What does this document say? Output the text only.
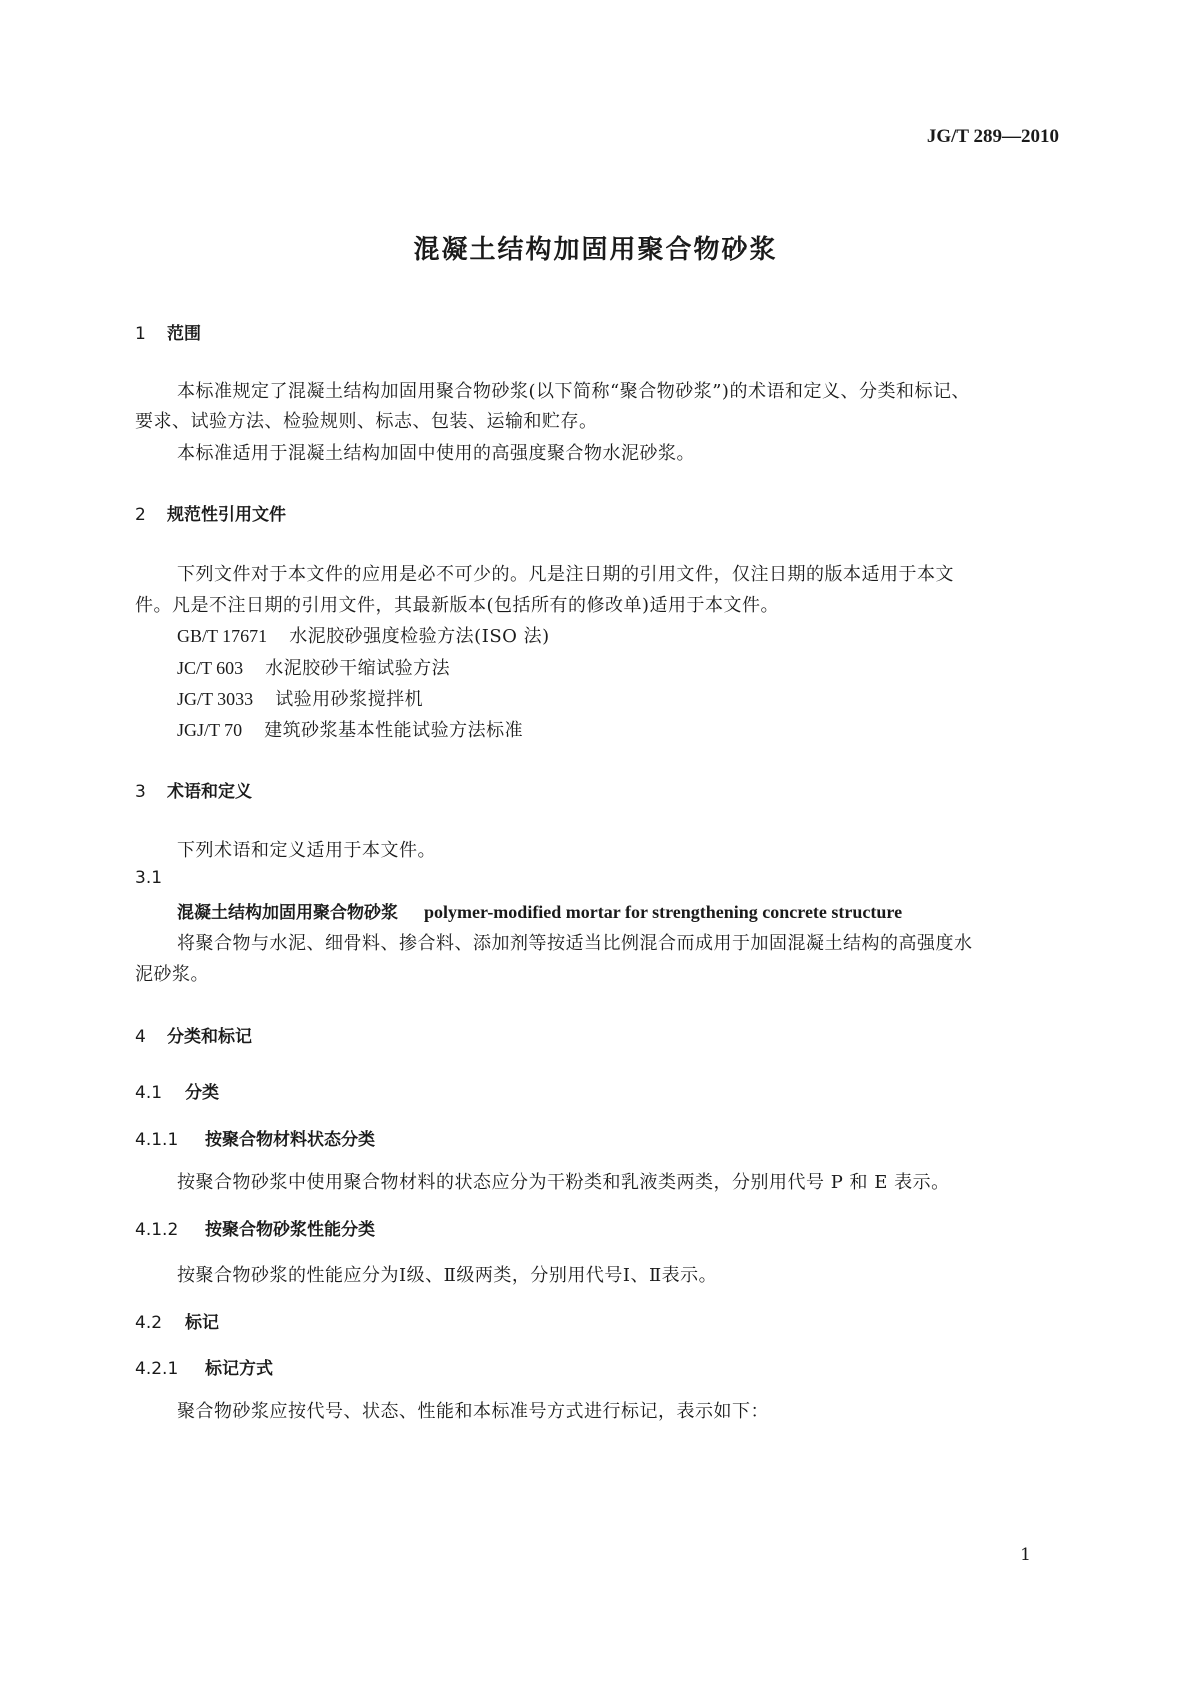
JG/T 289—2010
混凝土结构加固用聚合物砂浆
1 范围
本标准规定了混凝土结构加固用聚合物砂浆(以下简称“聚合物砂浆”)的术语和定义、分类和标记、
要求、试验方法、检验规则、标志、包装、运输和贮存。
本标准适用于混凝土结构加固中使用的高强度聚合物水泥砂浆。
2 规范性引用文件
下列文件对于本文件的应用是必不可少的。凡是注日期的引用文件，仅注日期的版本适用于本文
件。凡是不注日期的引用文件，其最新版本(包括所有的修改单)适用于本文件。
GB/T 17671 水泥胶砂强度检验方法(ISO 法)
JC/T 603 水泥胶砂干缩试验方法
JG/T 3033 试验用砂浆搅拌机
JGJ/T 70 建筑砂浆基本性能试验方法标准
3 术语和定义
下列术语和定义适用于本文件。
3.1
混凝土结构加固用聚合物砂浆 polymer-modified mortar for strengthening concrete structure
将聚合物与水泥、细骨料、掺合料、添加剂等按适当比例混合而成用于加固混凝土结构的高强度水
泥砂浆。
4 分类和标记
4.1 分类
4.1.1 按聚合物材料状态分类
按聚合物砂浆中使用聚合物材料的状态应分为干粉类和乳液类两类，分别用代号 P 和 E 表示。
4.1.2 按聚合物砂浆性能分类
按聚合物砂浆的性能应分为Ⅰ级、Ⅱ级两类，分别用代号Ⅰ、Ⅱ表示。
4.2 标记
4.2.1 标记方式
聚合物砂浆应按代号、状态、性能和本标准号方式进行标记，表示如下：
1
